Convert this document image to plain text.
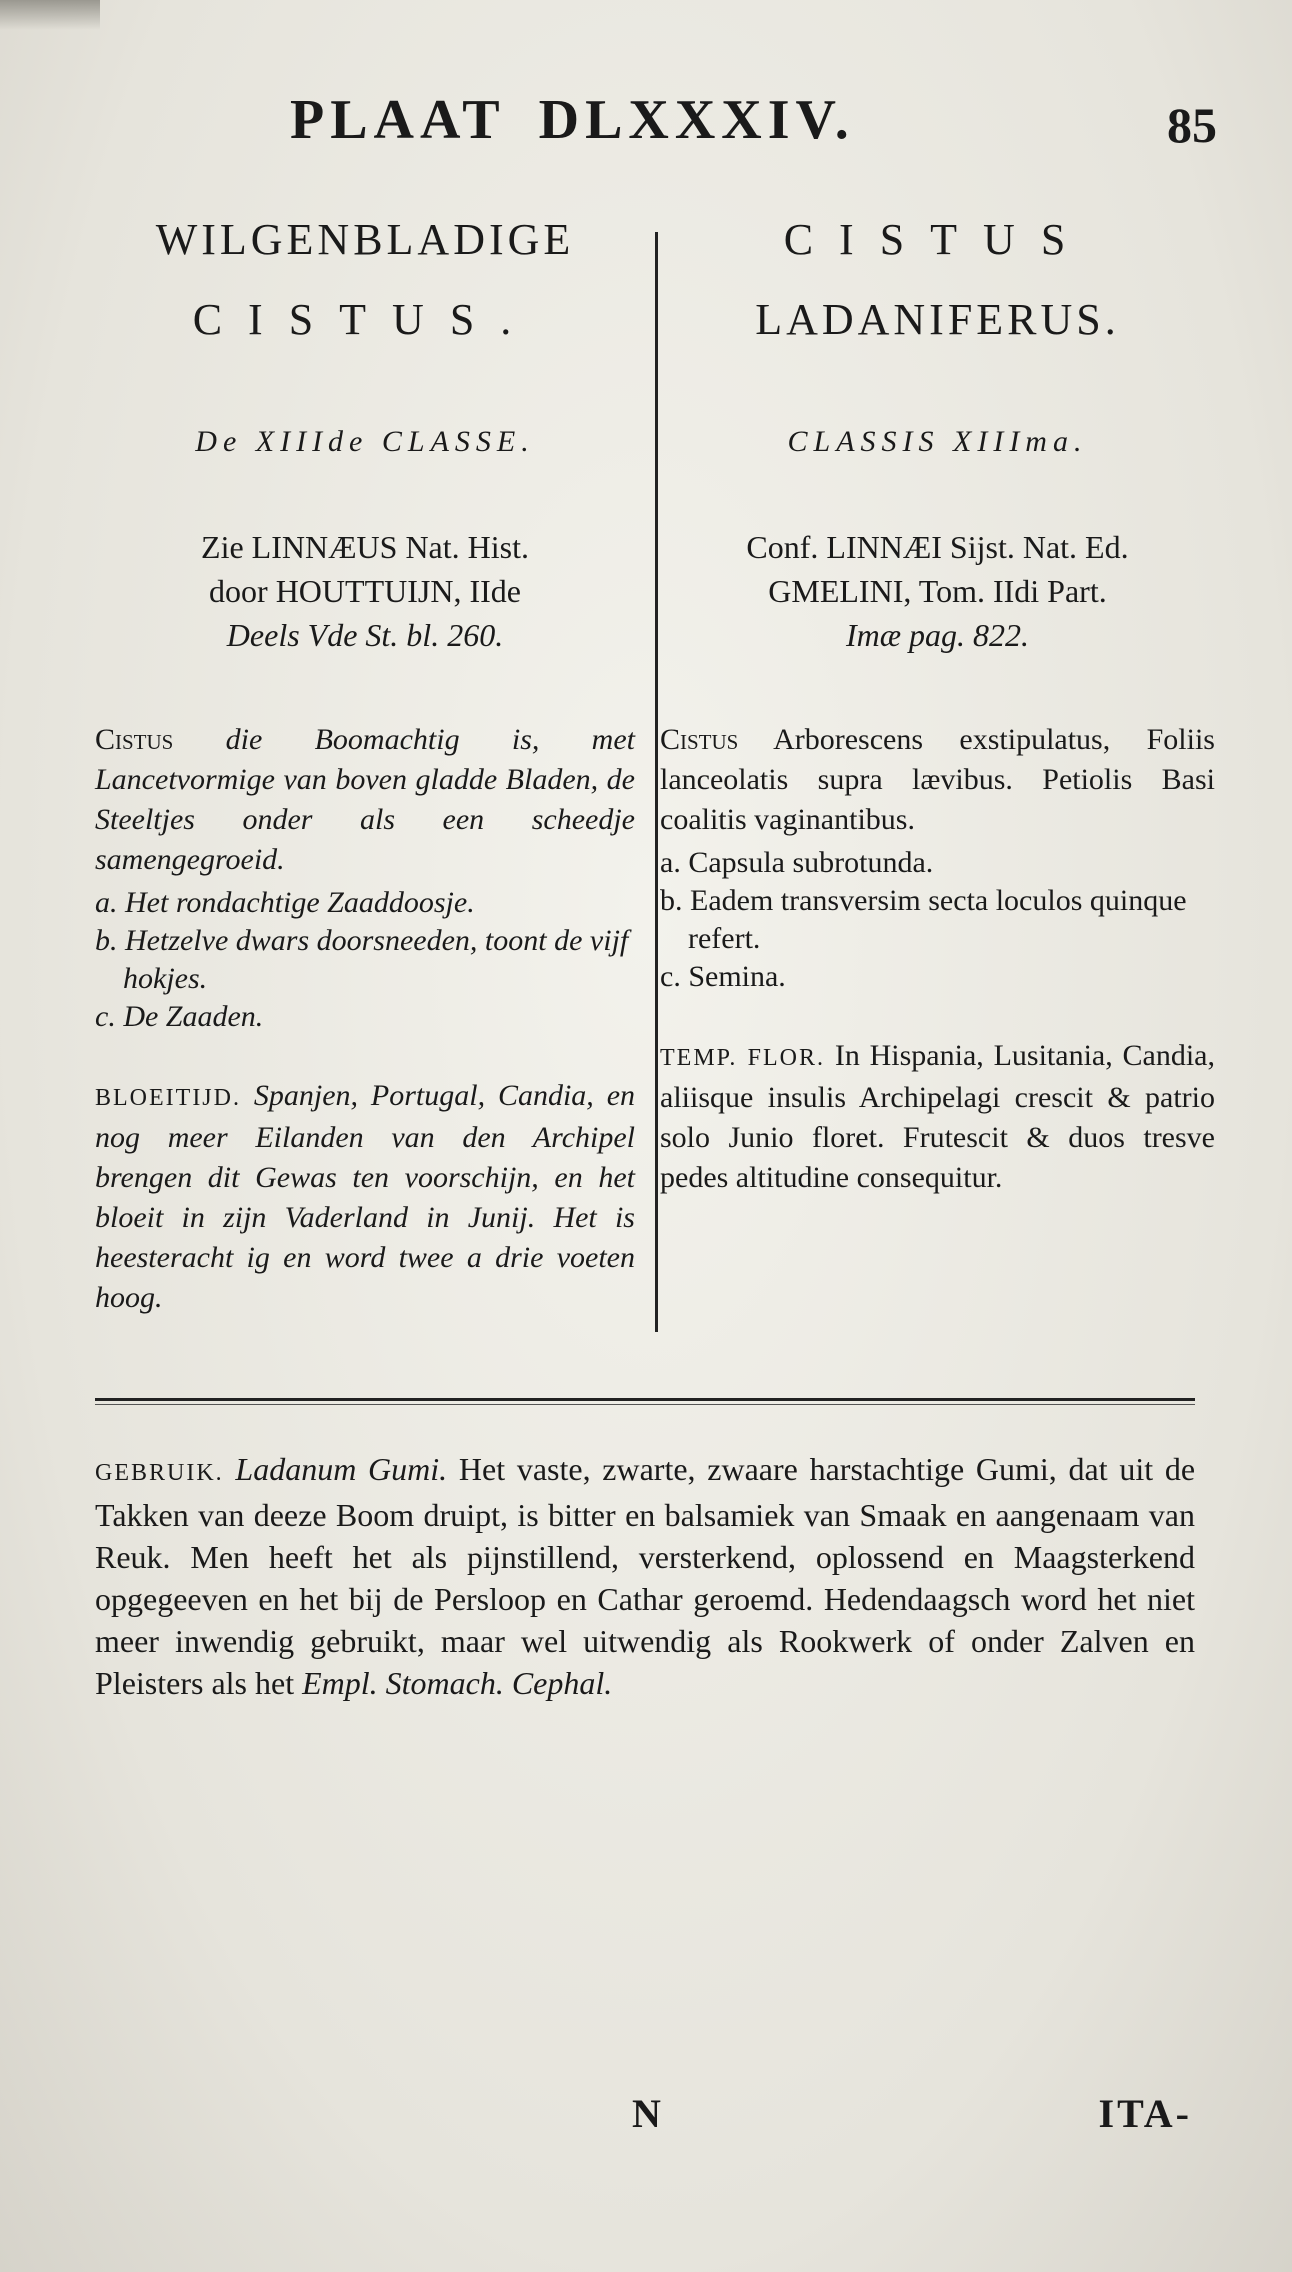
PLAAT DLXXXIV.	85
WILGENBLADIGE
CISTUS.
De XIIIde CLASSE.
Zie LINNÆUS Nat. Hist.
door HOUTTUIJN, IIde
Deels Vde St. bl. 260.
Cistus die Boomachtig is, met Lancetvormige van boven gladde Bladen, de Steeltjes onder als een scheedje samengegroeid.
a. Het rondachtige Zaaddoosje.
b. Hetzelve dwars doorsneeden, toont de vijf hokjes.
c. De Zaaden.
BLOEITIJD. Spanjen, Portugal, Candia, en nog meer Eilanden van den Archipel brengen dit Gewas ten voorschijn, en het bloeit in zijn Vaderland in Junij. Het is heesteracht ig en word twee a drie voeten hoog.
CISTUS
LADANIFERUS.
CLASSIS XIIIma.
Conf. LINNÆI Sijst. Nat. Ed.
GMELINI, Tom. IIdi Part.
Imæ pag. 822.
Cistus Arborescens exstipulatus, Foliis lanceolatis supra lævibus. Petiolis Basi coalitis vaginantibus.
a. Capsula subrotunda.
b. Eadem transversim secta loculos quinque refert.
c. Semina.
TEMP. FLOR. In Hispania, Lusitania, Candia, aliisque insulis Archipelagi crescit & patrio solo Junio floret. Frutescit & duos tresve pedes altitudine consequitur.
GEBRUIK. Ladanum Gumi. Het vaste, zwarte, zwaare harstachtige Gumi, dat uit de Takken van deeze Boom druipt, is bitter en balsamiek van Smaak en aangenaam van Reuk. Men heeft het als pijnstillend, versterkend, oplossend en Maagsterkend opgegeeven en het bij de Persloop en Cathar geroemd. Hedendaagsch word het niet meer inwendig gebruikt, maar wel uitwendig als Rookwerk of onder Zalven en Pleisters als het Empl. Stomach. Cephal.
N	ITA-
